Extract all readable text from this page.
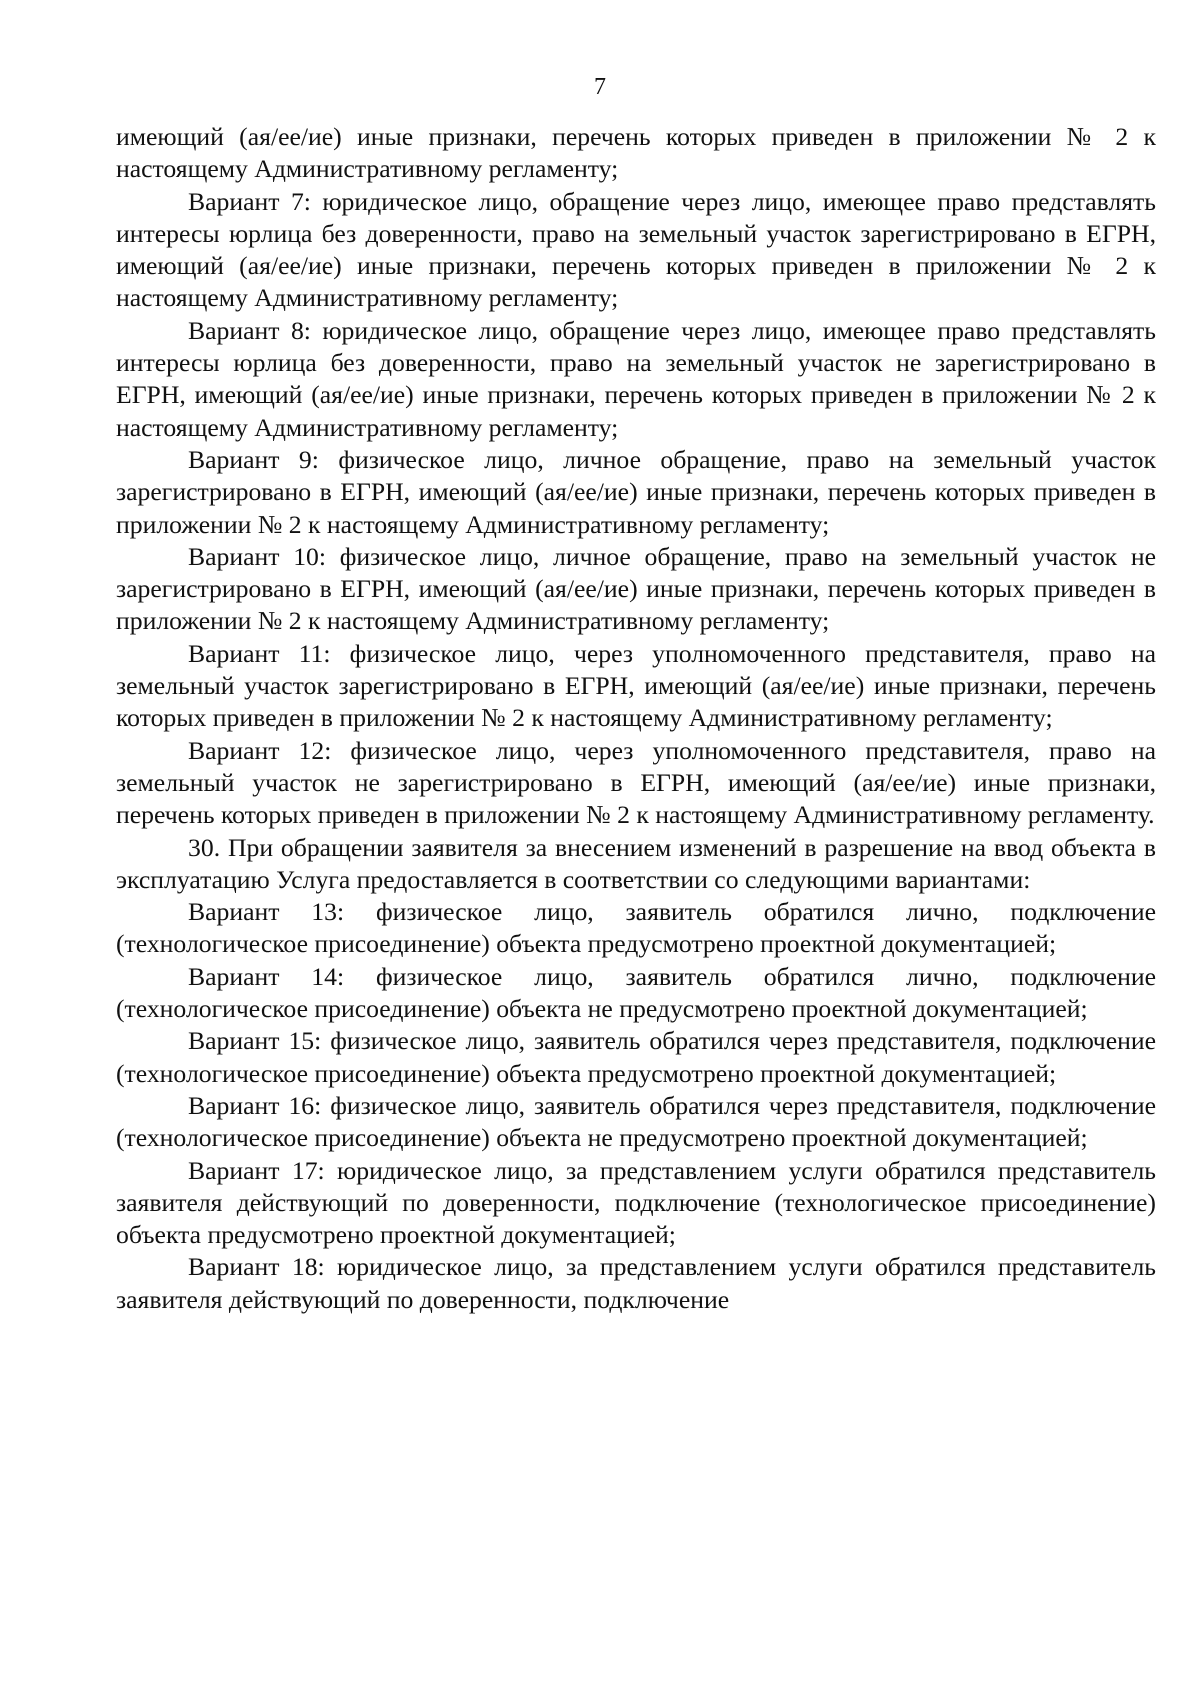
7

имеющий (ая/ее/ие) иные признаки, перечень которых приведен в приложении № 2 к настоящему Административному регламенту;

Вариант 7: юридическое лицо, обращение через лицо, имеющее право представлять интересы юрлица без доверенности, право на земельный участок зарегистрировано в ЕГРН, имеющий (ая/ее/ие) иные признаки, перечень которых приведен в приложении № 2 к настоящему Административному регламенту;

Вариант 8: юридическое лицо, обращение через лицо, имеющее право представлять интересы юрлица без доверенности, право на земельный участок не зарегистрировано в ЕГРН, имеющий (ая/ее/ие) иные признаки, перечень которых приведен в приложении № 2 к настоящему Административному регламенту;

Вариант 9: физическое лицо, личное обращение, право на земельный участок зарегистрировано в ЕГРН, имеющий (ая/ее/ие) иные признаки, перечень которых приведен в приложении № 2 к настоящему Административному регламенту;

Вариант 10: физическое лицо, личное обращение, право на земельный участок не зарегистрировано в ЕГРН, имеющий (ая/ее/ие) иные признаки, перечень которых приведен в приложении № 2 к настоящему Административному регламенту;

Вариант 11: физическое лицо, через уполномоченного представителя, право на земельный участок зарегистрировано в ЕГРН, имеющий (ая/ее/ие) иные признаки, перечень которых приведен в приложении № 2 к настоящему Административному регламенту;

Вариант 12: физическое лицо, через уполномоченного представителя, право на земельный участок не зарегистрировано в ЕГРН, имеющий (ая/ее/ие) иные признаки, перечень которых приведен в приложении № 2 к настоящему Административному регламенту.

30. При обращении заявителя за внесением изменений в разрешение на ввод объекта в эксплуатацию Услуга предоставляется в соответствии со следующими вариантами:

Вариант 13: физическое лицо, заявитель обратился лично, подключение (технологическое присоединение) объекта предусмотрено проектной документацией;

Вариант 14: физическое лицо, заявитель обратился лично, подключение (технологическое присоединение) объекта не предусмотрено проектной документацией;

Вариант 15: физическое лицо, заявитель обратился через представителя, подключение (технологическое присоединение) объекта предусмотрено проектной документацией;

Вариант 16: физическое лицо, заявитель обратился через представителя, подключение (технологическое присоединение) объекта не предусмотрено проектной документацией;

Вариант 17: юридическое лицо, за представлением услуги обратился представитель заявителя действующий по доверенности, подключение (технологическое присоединение) объекта предусмотрено проектной документацией;

Вариант 18: юридическое лицо, за представлением услуги обратился представитель заявителя действующий по доверенности, подключение
